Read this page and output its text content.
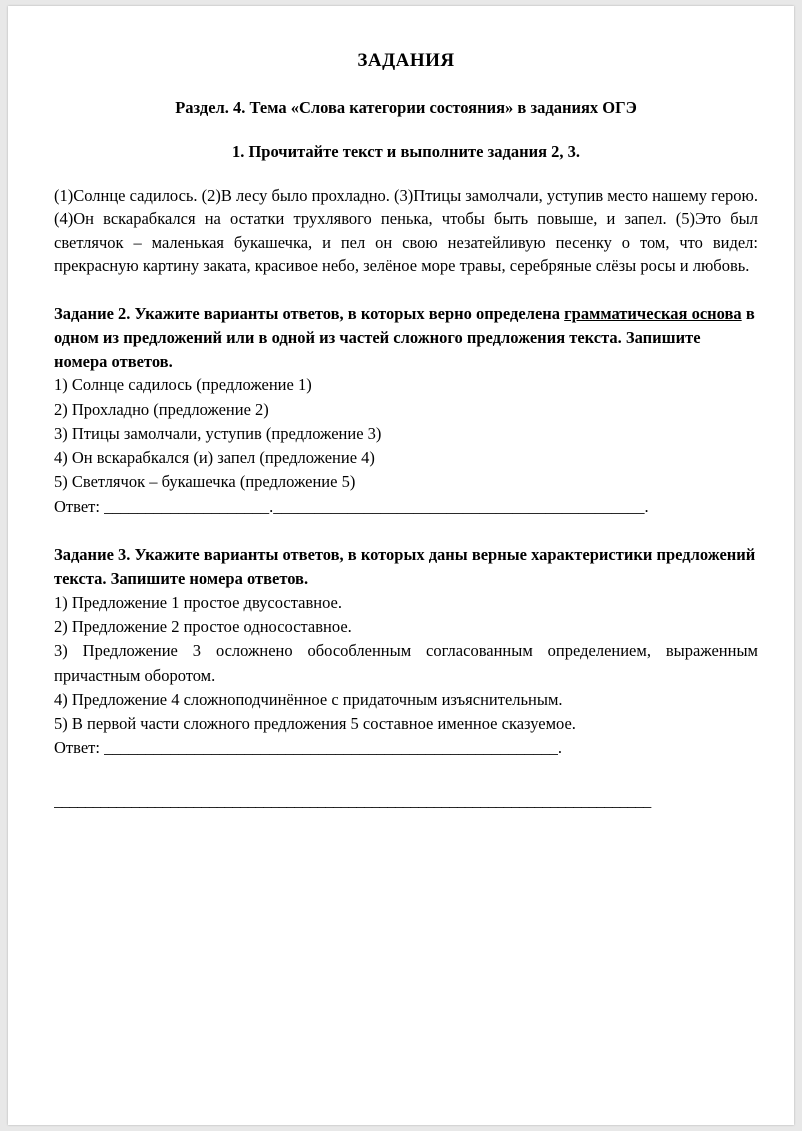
ЗАДАНИЯ
Раздел. 4. Тема «Слова категории состояния» в заданиях ОГЭ
1. Прочитайте текст и выполните задания 2, 3.

(1)Солнце садилось. (2)В лесу было прохладно. (3)Птицы замолчали, уступив место нашему герою. (4)Он вскарабкался на остатки трухлявого пенька, чтобы быть повыше, и запел. (5)Это был светлячок – маленькая букашечка, и пел он свою незатейливую песенку о том, что видел: прекрасную картину заката, красивое небо, зелёное море травы, серебряные слёзы росы и любовь.

Задание 2. Укажите варианты ответов, в которых верно определена грамматическая основа в одном из предложений или в одной из частей сложного предложения текста. Запишите номера ответов.

1) Солнце садилось (предложение 1)

2) Прохладно (предложение 2)

3) Птицы замолчали, уступив (предложение 3)

4) Он вскарабкался (и) запел (предложение 4)

5) Светлячок – букашечка (предложение 5)

Ответ: ____________________._____________________________________________.

Задание 3. Укажите варианты ответов, в которых даны верные характеристики предложений текста. Запишите номера ответов.

1) Предложение 1 простое двусоставное.

2) Предложение 2 простое односоставное.

3) Предложение 3 осложнено обособленным согласованным определением, выраженным причастным оборотом.

4) Предложение 4 сложноподчинённое с придаточным изъяснительным.

5) В первой части сложного предложения 5 составное именное сказуемое.

Ответ: _______________________________________________________.

_____________________________________________________________________________
